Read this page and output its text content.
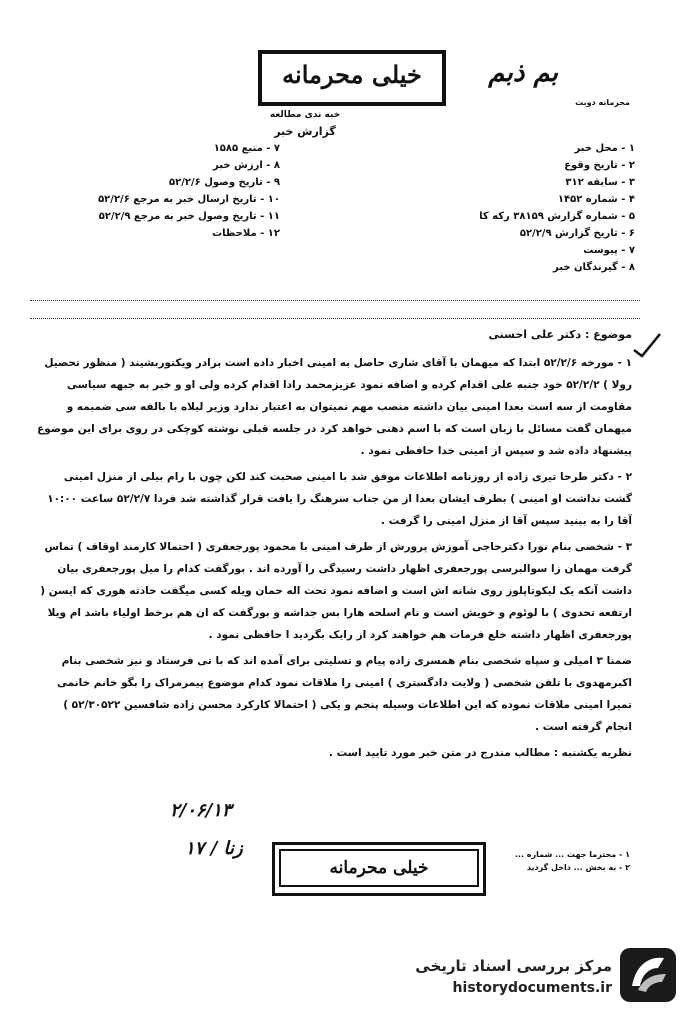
خیلی محرمانه	بم ذبم
محرمانه دوبت
خبه ندی مطالعه
گزارش خبر
۱ - محل خبر
۲ - تاریخ وقوع
۳ - سابقه ۳۱۲
۴ - شماره ۱۴۵۲
۵ - شماره گزارش ۳۸۱۵۹ رکه کا
۶ - تاریخ گزارش ۵۲/۲/۹
۷ - پیوست
۸ - گیرندگان خبر
۷ - منبع ۱۵۸۵
۸ - ارزش خبر
۹ - تاریخ وصول ۵۲/۲/۶
۱۰ - تاریخ ارسال خبر به مرجع ۵۲/۲/۶
۱۱ - تاریخ وصول خبر به مرجع ۵۲/۲/۹
۱۲ - ملاحظات
موضوع : دکتر علی احسنی

۱ - مورخه ۵۲/۲/۶ ابتدا که میهمان با آقای شاری حاصل به امینی اخبار داده است برادر ویکتوربشیند ( منظور تحصیل رولا ) ۵۲/۲/۲ خود جنبه علی اقدام کرده و اضافه نمود عزیزمحمد رادا اقدام کرده ولی او و خبر به جبهه سیاسی مقاومت از سه است بعدا امینی بیان داشته منصب مهم نمیتوان به اعتبار ندارد وزیر لیلاه با بالفه سی ضمیمه و میهمان گفت مسائل با زبان است که با اسم ذهنی خواهد کرد در جلسه قبلی نوشته کوچکی در روی برای این موضوع پیشنهاد داده شد و سپس از امینی خدا حافظی نمود .

۲ - دکتر طرحا تیری زاده از روزنامه اطلاعات موفق شد با امینی صحبت کند لکن چون با رام بیلی از منزل امینی گشت نداشت او امینی ) بطرف ایشان بعدا از من جناب سرهنگ را یافت قرار گذاشته شد فردا ۵۲/۲/۷ ساعت ۱۰:۰۰ آقا را به بینید سپس آقا از منزل امینی را گرفت .

۳ - شخصی بنام نورا دکترحاجی آموزش پرورش از طرف امینی با محمود پورجعفری ( احتمالا کارمند اوقاف ) تماس گرفت مهمان زا سوالبرسی پورجعفری اظهار داشت رسیدگی را آورده اند . بورگفت کدام را میل پورجعفری بیان داشت آنکه یک لیکوتاپلوز روی شانه اش است و اضافه نمود تحت اله حمان ویله کسی میگفت حادثه هوری که ایسن ( ارتفعه تحدوی ) با لوئوم و خویش است و نام اسلحه هارا بس جداشه و بورگفت که ان هم برخط اولیاء باشد ام ویلا پورجعفری اظهار داشته خلع فرمات هم خواهند کرد از رایک بگردید ا حافظی نمود .

ضمنا ۳ امیلی و سپاه شخصی بنام همسری زاده پیام و تسلیتی برای آمده اند که با تی فرستاد و نیز شخصی بنام اکبرمهدوی با تلفن شخصی ( ولایت دادگستری ) امینی را ملاقات نمود کدام موضوع پیمرمراک را بگو خانم خانمی تمیرا امینی ملاقات نموده که این اطلاعات وسیله پنجم و یکی ( احتمالا کارکرد محسن زاده شافسین ۵۲/۳۰۵۲۲ ) انجام گرفته است .

نظریه یکشنبه : مطالب مندرج در متن خبر مورد تایید است .

۲/۰۶/۱۳
۱۷ / زنا	۱ - محترما جهت ... شماره ...
۲ - به بخش ... داخل گردید
خیلی محرمانه
مرکز بررسی اسناد تاریخی
historydocuments.ir
